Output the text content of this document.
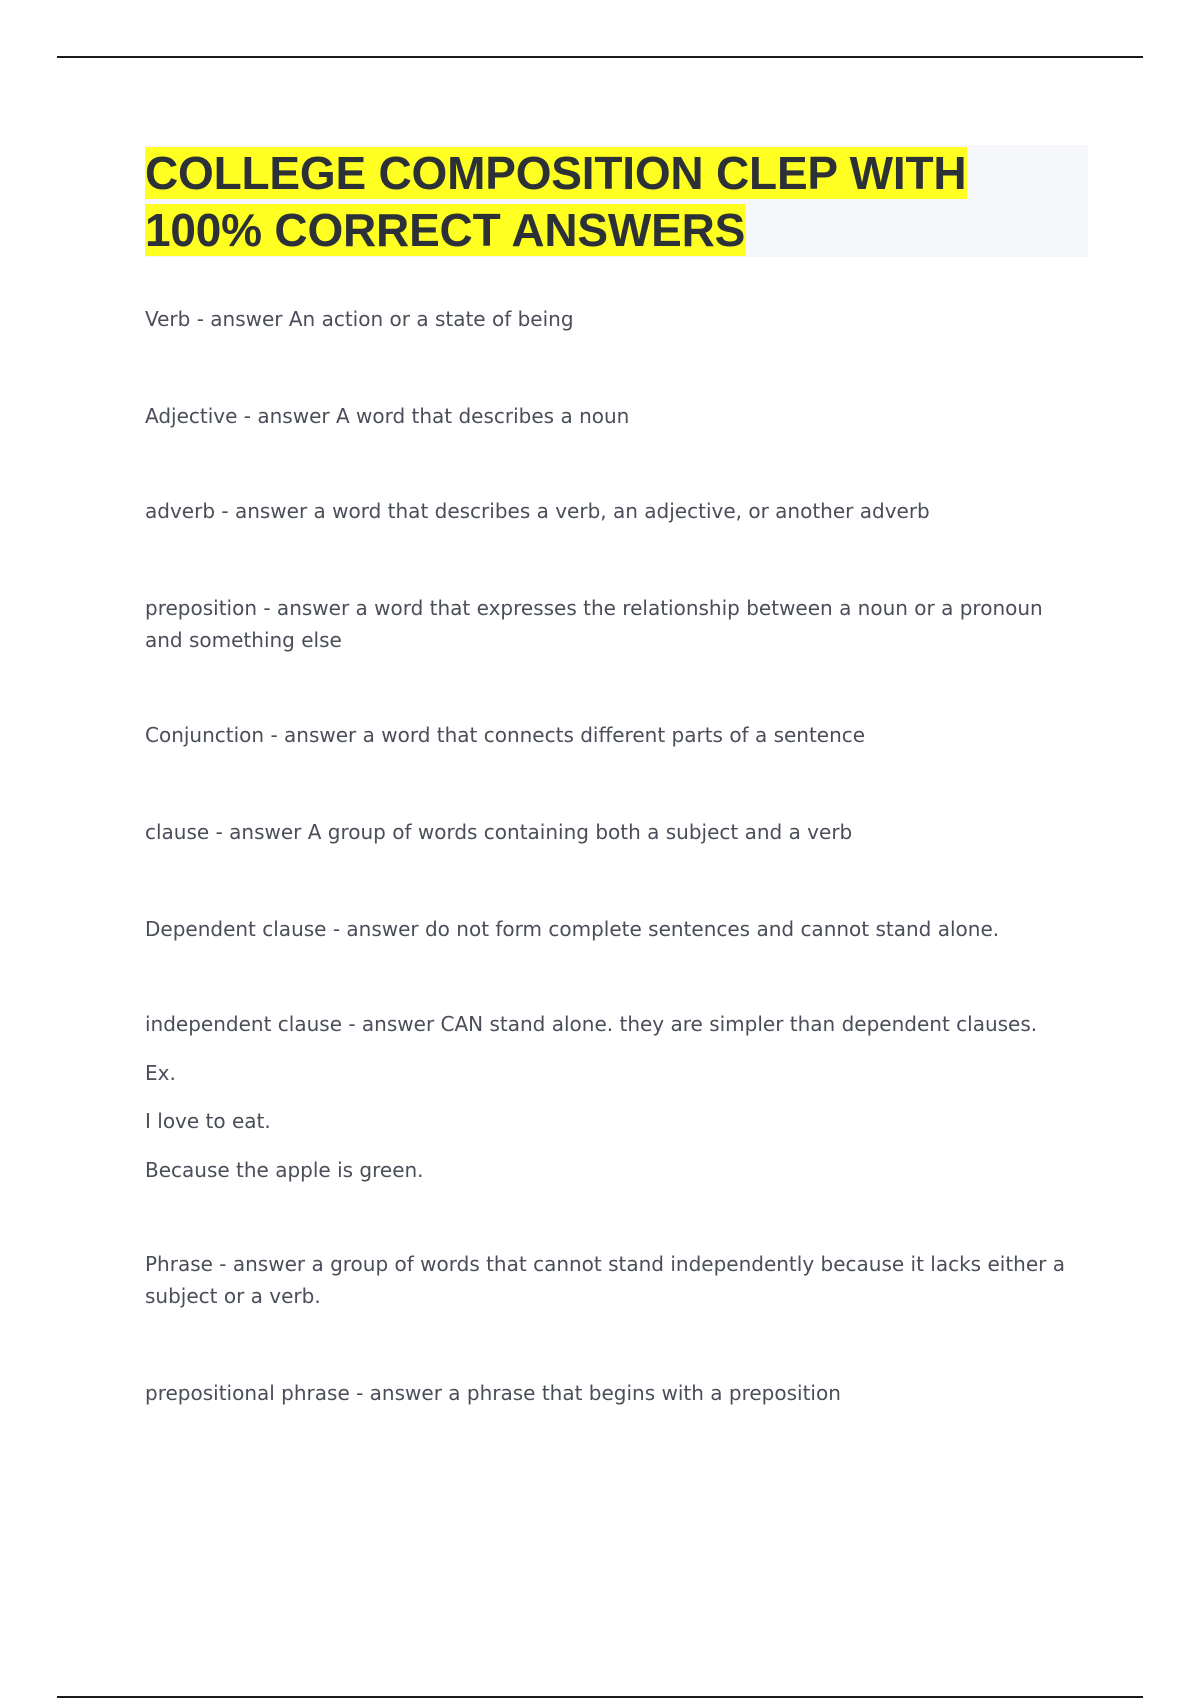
COLLEGE COMPOSITION CLEP WITH 100% CORRECT ANSWERS

Verb - answer An action or a state of being

Adjective - answer A word that describes a noun

adverb - answer a word that describes a verb, an adjective, or another adverb

preposition - answer a word that expresses the relationship between a noun or a pronoun and something else

Conjunction - answer a word that connects different parts of a sentence

clause - answer A group of words containing both a subject and a verb

Dependent clause - answer do not form complete sentences and cannot stand alone.

independent clause - answer CAN stand alone. they are simpler than dependent clauses.

Ex.

I love to eat.

Because the apple is green.

Phrase - answer a group of words that cannot stand independently because it lacks either a subject or a verb.

prepositional phrase - answer a phrase that begins with a preposition
